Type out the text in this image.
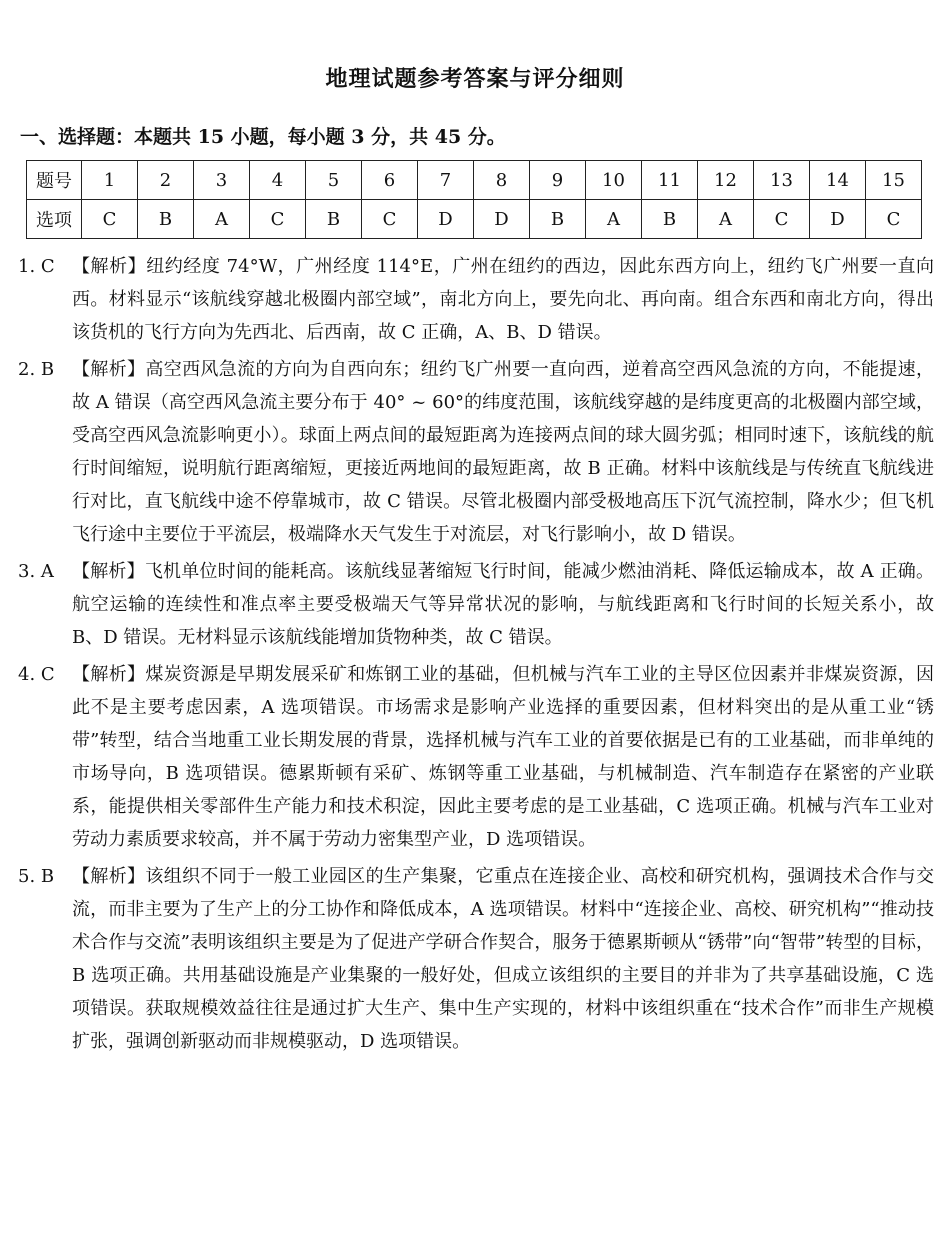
地理试题参考答案与评分细则
一、选择题：本题共 15 小题，每小题 3 分，共 45 分。
题号	1	2	3	4	5	6	7	8	9	10	11	12	13	14	15
选项	C	B	A	C	B	C	D	D	B	A	B	A	C	D	C
1. C 【解析】纽约经度 74°W，广州经度 114°E，广州在纽约的西边，因此东西方向上，纽约飞广州要一直向西。材料显示“该航线穿越北极圈内部空域”，南北方向上，要先向北、再向南。组合东西和南北方向，得出该货机的飞行方向为先西北、后西南，故 C 正确，A、B、D 错误。
2. B 【解析】高空西风急流的方向为自西向东；纽约飞广州要一直向西，逆着高空西风急流的方向，不能提速，故 A 错误（高空西风急流主要分布于 40° ~ 60°的纬度范围，该航线穿越的是纬度更高的北极圈内部空域，受高空西风急流影响更小）。球面上两点间的最短距离为连接两点间的球大圆劣弧；相同时速下，该航线的航行时间缩短，说明航行距离缩短，更接近两地间的最短距离，故 B 正确。材料中该航线是与传统直飞航线进行对比，直飞航线中途不停靠城市，故 C 错误。尽管北极圈内部受极地高压下沉气流控制，降水少；但飞机飞行途中主要位于平流层，极端降水天气发生于对流层，对飞行影响小，故 D 错误。
3. A	【解析】飞机单位时间的能耗高。该航线显著缩短飞行时间，能减少燃油消耗、降低运输成本，故 A 正确。航空运输的连续性和准点率主要受极端天气等异常状况的影响，与航线距离和飞行时间的长短关系小，故 B、D 错误。无材料显示该航线能增加货物种类，故 C 错误。
4. C 【解析】煤炭资源是早期发展采矿和炼钢工业的基础，但机械与汽车工业的主导区位因素并非煤炭资源，因此不是主要考虑因素，A 选项错误。市场需求是影响产业选择的重要因素，但材料突出的是从重工业“锈带”转型，结合当地重工业长期发展的背景，选择机械与汽车工业的首要依据是已有的工业基础，而非单纯的市场导向，B 选项错误。德累斯顿有采矿、炼钢等重工业基础，与机械制造、汽车制造存在紧密的产业联系，能提供相关零部件生产能力和技术积淀，因此主要考虑的是工业基础，C 选项正确。机械与汽车工业对劳动力素质要求较高，并不属于劳动力密集型产业，D 选项错误。
5. B 【解析】该组织不同于一般工业园区的生产集聚，它重点在连接企业、高校和研究机构，强调技术合作与交流，而非主要为了生产上的分工协作和降低成本，A 选项错误。材料中“连接企业、高校、研究机构”“推动技术合作与交流”表明该组织主要是为了促进产学研合作契合，服务于德累斯顿从“锈带”向“智带”转型的目标，B 选项正确。共用基础设施是产业集聚的一般好处，但成立该组织的主要目的并非为了共享基础设施，C 选项错误。获取规模效益往往是通过扩大生产、集中生产实现的，材料中该组织重在“技术合作”而非生产规模扩张，强调创新驱动而非规模驱动，D 选项错误。
